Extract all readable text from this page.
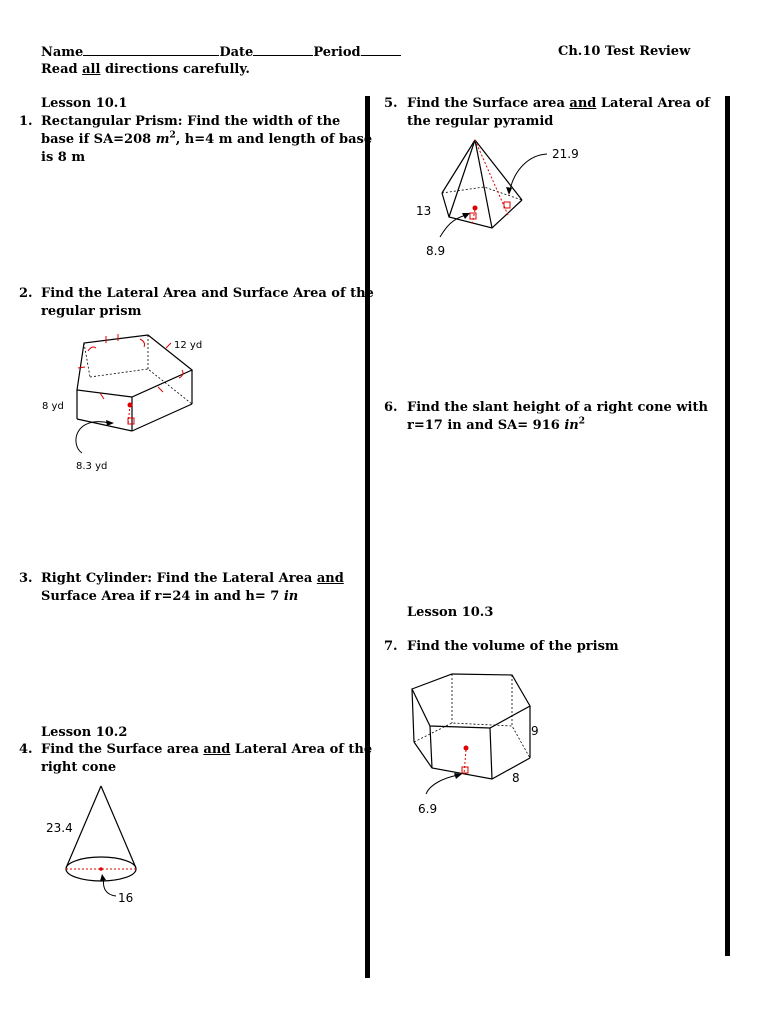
Name	Date	Period	Ch.10 Test Review
Read all directions carefully.
Lesson 10.1
1. Rectangular Prism: Find the width of the
base if SA=208 $m^2$, h=4 m and length of base
is 8 m
2. Find the Lateral Area and Surface Area of the
regular prism
12 yd
8 yd
8.3 yd
3. Right Cylinder: Find the Lateral Area and
Surface Area if r=24 in and h= 7 in
Lesson 10.2
4. Find the Surface area and Lateral Area of the
right cone
23.4
16
5. Find the Surface area and Lateral Area of
the regular pyramid
21.9
13
8.9
6. Find the slant height of a right cone with
r=17 in and SA= 916 $in^2$
Lesson 10.3
7. Find the volume of the prism
9
8
6.9
